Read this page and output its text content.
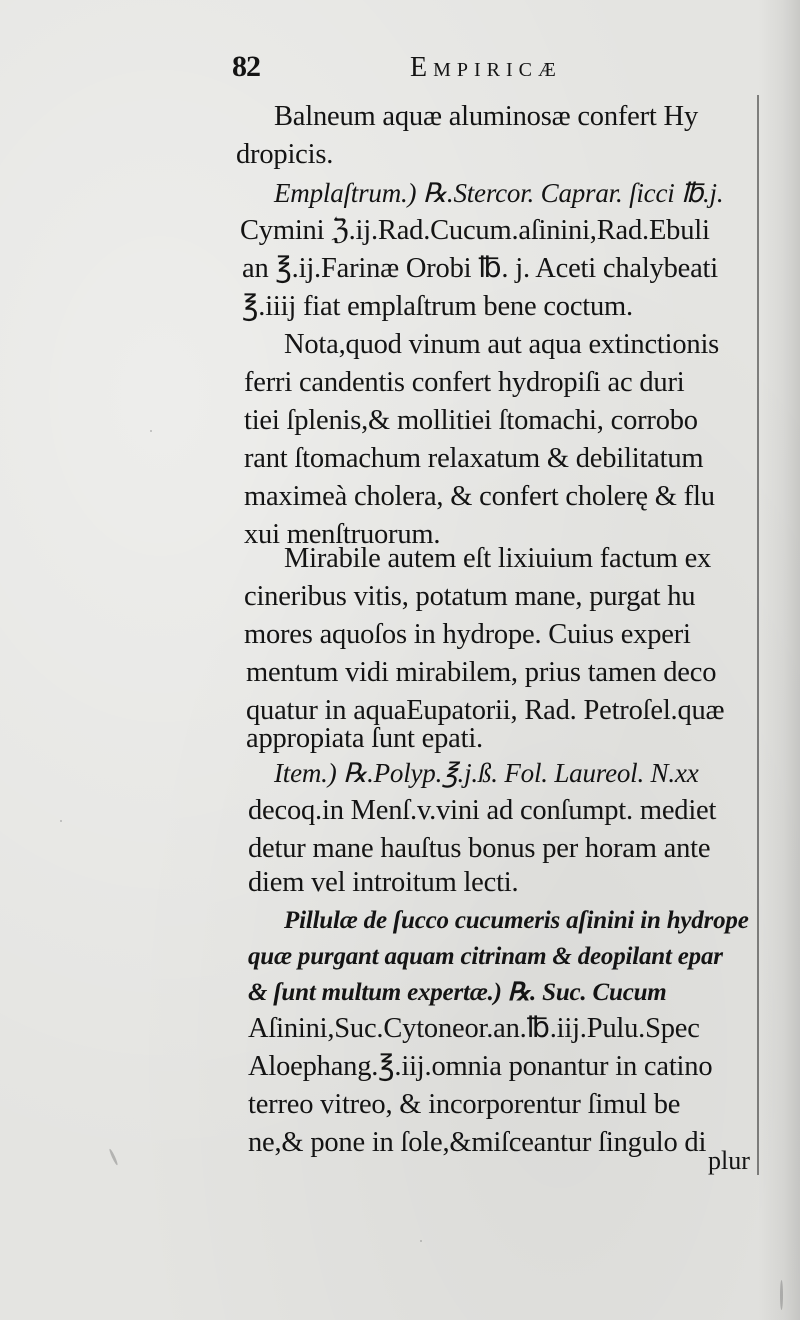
82	Empiricæ
Balneum aquæ aluminosæ confert Hy
dropicis.
Emplaſtrum.) ℞.Stercor. Caprar. ſicci ℔.j.
Cymini ℨ.ij.Rad.Cucum.aſinini,Rad.Ebuli
an ℥.ij.Farinæ Orobi ℔. j. Aceti chalybeati
℥.iiij fiat emplaſtrum bene coctum.
Nota,quod vinum aut aqua extinctionis
ferri candentis confert hydropiſi ac duri
tiei ſplenis,& mollitiei ſtomachi, corrobo
rant ſtomachum relaxatum & debilitatum
maximeà cholera, & confert cholerę & flu
xui menſtruorum.
Mirabile autem eſt lixiuium factum ex
cineribus vitis, potatum mane, purgat hu
mores aquoſos in hydrope. Cuius experi
mentum vidi mirabilem, prius tamen deco
quatur in aquaEupatorii, Rad. Petroſel.quæ
appropiata ſunt epati.
Item.) ℞.Polyp.℥.j.ß. Fol. Laureol. N.xx
decoq.in Menſ.v.vini ad conſumpt. mediet
detur mane hauſtus bonus per horam ante
diem vel introitum lecti.
Pillulæ de ſucco cucumeris aſinini in hydrope
quæ purgant aquam citrinam & deopilant epar
& ſunt multum expertæ.) ℞. Suc. Cucum
Aſinini,Suc.Cytoneor.an.℔.iij.Pulu.Spec
Aloephang.℥.iij.omnia ponantur in catino
terreo vitreo, & incorporentur ſimul be
ne,& pone in ſole,&miſceantur ſingulo di
plur
